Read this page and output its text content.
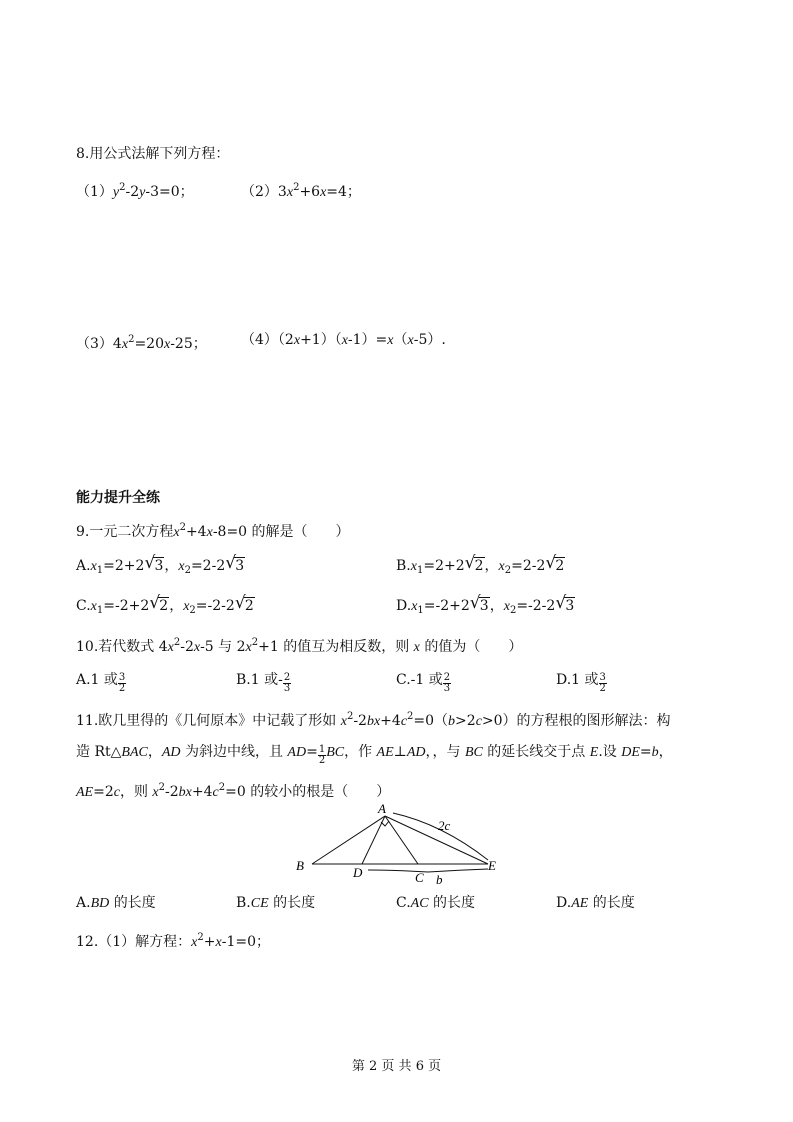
8.用公式法解下列方程：
$(1)y^2-2y-3=0$；	$(2)3x^2+6x=4$；
$(3)4x^2=20x-25$； （4）（2x+1）（x-1）=x（x-5）.
能力提升全练
9.一元二次方程$x^2+4x-8=0$ 的解是（　　）
$A.x_1=2+2$ √ 3，$x_2=2-2$ √ 3	$B.x_1=2+2$ √ 2，$x_2=2-2$ √ 2
$C.x_1=-2+2$ √ 2，$x_2=-2-2$ √ 2	$D.x_1=-2+2$ √ 3，$x_2=-2-2$ √ 3
10.若代数式 $4x^2-2x-5$ 与 $2x^2+1$ 的值互为相反数，则 x 的值为（　　）
A.1 或 $\frac{3}{2}$	B.1 或- $\frac{2}{3}$	C.-1 或 $\frac{2}{3}$	D.1 或 $\frac{3}{2}$
11.欧几里得的《几何原本》中记载了形如 $x^2-2bx+4c^2=0(b>2c>0)$的方程根的图形解法：构
造 Rt△BAC，AD 为斜边中线，且 $AD= \frac{1}{2}$ BC，作 AE⊥AD，，与 BC 的延长线交于点 E.设 DE=b，
AE=2c，则 $x^2-2bx+4c^2=0$ 的较小的根是（　　）
A
B	D	C
E
2c
b
A.BD 的长度	B.CE 的长度	C.AC 的长度	D.AE 的长度
12.（1）解方程：$x^2+x-1=0$；
第 2 页 共 6 页
